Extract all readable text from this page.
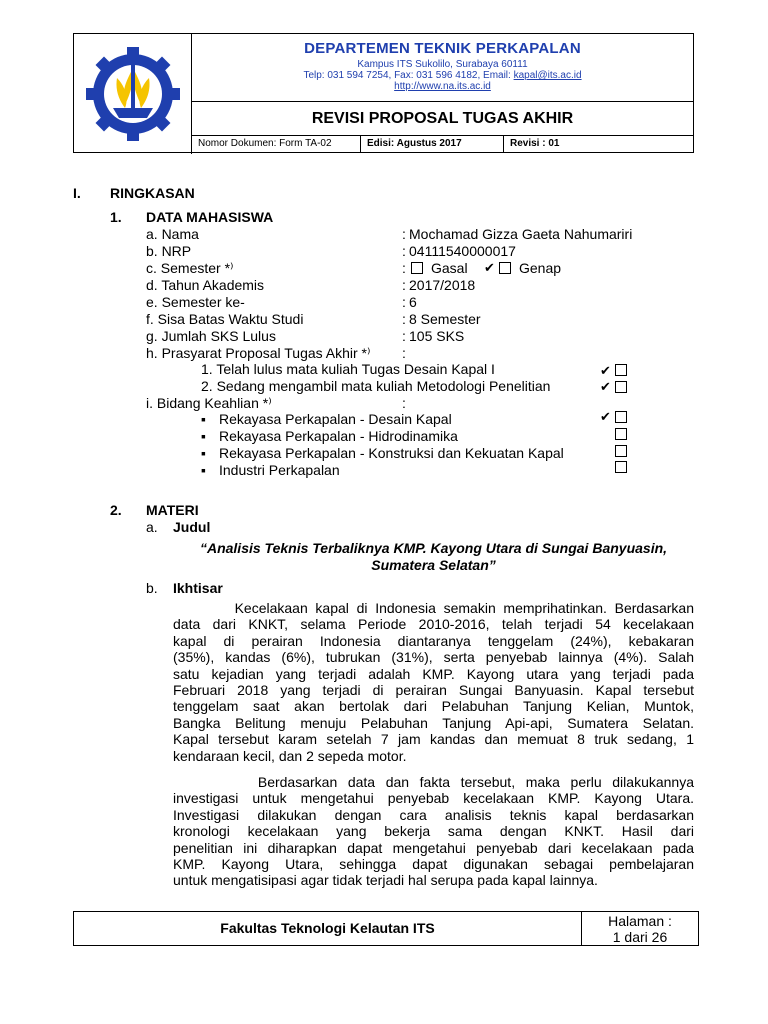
DEPARTEMEN TEKNIK PERKAPALAN
Kampus ITS Sukolilo, Surabaya 60111
Telp: 031 594 7254, Fax: 031 596 4182, Email: kapal@its.ac.id
http://www.na.its.ac.id
REVISI PROPOSAL TUGAS AKHIR
Nomor Dokumen: Form TA-02	Edisi: Agustus 2017	Revisi : 01
I. RINGKASAN
1. DATA MAHASISWA
a. Nama	: Mochamad Gizza Gaeta Nahumariri
b. NRP	: 04111540000017
c. Semester *⁾	: Gasal ✔ Genap
d. Tahun Akademis	: 2017/2018
e. Semester ke-	: 6
f. Sisa Batas Waktu Studi	: 8 Semester
g. Jumlah SKS Lulus	: 105 SKS
h. Prasyarat Proposal Tugas Akhir *⁾ :
1. Telah lulus mata kuliah Tugas Desain Kapal I	✔
2. Sedang mengambil mata kuliah Metodologi Penelitian	✔
i. Bidang Keahlian *⁾	:
▪ Rekayasa Perkapalan - Desain Kapal	✔
▪ Rekayasa Perkapalan - Hidrodinamika
▪ Rekayasa Perkapalan - Konstruksi dan Kekuatan Kapal
▪ Industri Perkapalan
2. MATERI
a. Judul
“Analisis Teknis Terbaliknya KMP. Kayong Utara di Sungai Banyuasin,
Sumatera Selatan”
b. Ikhtisar
Kecelakaan kapal di Indonesia semakin memprihatinkan. Berdasarkan
data dari KNKT, selama Periode 2010-2016, telah terjadi 54 kecelakaan
kapal di perairan Indonesia diantaranya tenggelam (24%), kebakaran
(35%), kandas (6%), tubrukan (31%), serta penyebab lainnya (4%). Salah
satu kejadian yang terjadi adalah KMP. Kayong utara yang terjadi pada
Februari 2018 yang terjadi di perairan Sungai Banyuasin. Kapal tersebut
tenggelam saat akan bertolak dari Pelabuhan Tanjung Kelian, Muntok,
Bangka Belitung menuju Pelabuhan Tanjung Api-api, Sumatera Selatan.
Kapal tersebut karam setelah 7 jam kandas dan memuat 8 truk sedang, 1
kendaraan kecil, dan 2 sepeda motor.
Berdasarkan data dan fakta tersebut, maka perlu dilakukannya
investigasi untuk mengetahui penyebab kecelakaan KMP. Kayong Utara.
Investigasi dilakukan dengan cara analisis teknis kapal berdasarkan
kronologi kecelakaan yang bekerja sama dengan KNKT. Hasil dari
penelitian ini diharapkan dapat mengetahui penyebab dari kecelakaan pada
KMP. Kayong Utara, sehingga dapat digunakan sebagai pembelajaran
untuk mengatisipasi agar tidak terjadi hal serupa pada kapal lainnya.
Fakultas Teknologi Kelautan ITS	Halaman :
1 dari 26
